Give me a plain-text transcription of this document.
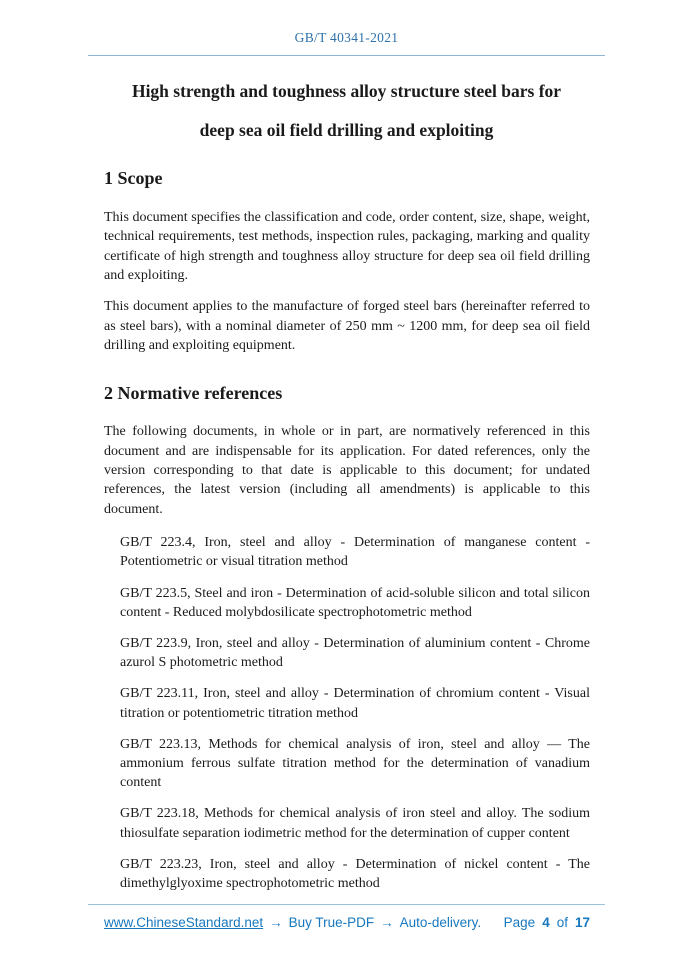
GB/T 40341-2021
High strength and toughness alloy structure steel bars for
deep sea oil field drilling and exploiting
1 Scope

This document specifies the classification and code, order content, size, shape, weight, technical requirements, test methods, inspection rules, packaging, marking and quality certificate of high strength and toughness alloy structure for deep sea oil field drilling and exploiting.

This document applies to the manufacture of forged steel bars (hereinafter referred to as steel bars), with a nominal diameter of 250 mm ~ 1200 mm, for deep sea oil field drilling and exploiting equipment.

2 Normative references

The following documents, in whole or in part, are normatively referenced in this document and are indispensable for its application. For dated references, only the version corresponding to that date is applicable to this document; for undated references, the latest version (including all amendments) is applicable to this document.

GB/T 223.4, Iron, steel and alloy - Determination of manganese content - Potentiometric or visual titration method

GB/T 223.5, Steel and iron - Determination of acid-soluble silicon and total silicon content - Reduced molybdosilicate spectrophotometric method

GB/T 223.9, Iron, steel and alloy - Determination of aluminium content - Chrome azurol S photometric method

GB/T 223.11, Iron, steel and alloy - Determination of chromium content - Visual titration or potentiometric titration method

GB/T 223.13, Methods for chemical analysis of iron, steel and alloy — The ammonium ferrous sulfate titration method for the determination of vanadium content

GB/T 223.18, Methods for chemical analysis of iron steel and alloy. The sodium thiosulfate separation iodimetric method for the determination of cupper content

GB/T 223.23, Iron, steel and alloy - Determination of nickel content - The dimethylglyoxime spectrophotometric method

www.ChineseStandard.net → Buy True-PDF → Auto-delivery. Page 4 of 17
